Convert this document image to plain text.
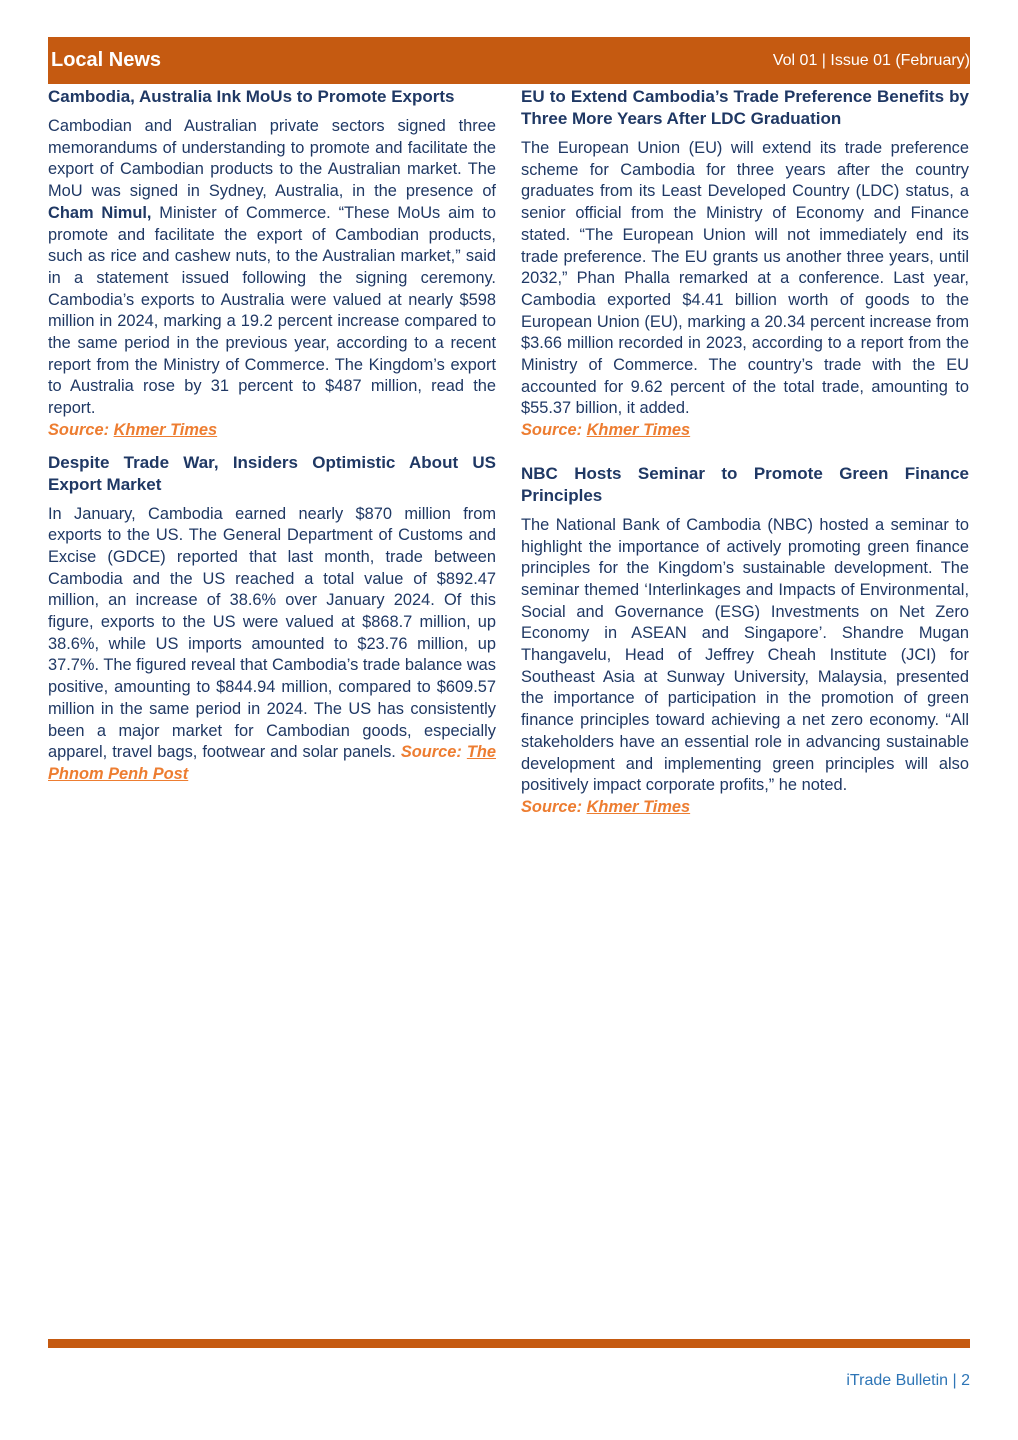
Local News	Vol 01 | Issue 01 (February)
Cambodia, Australia Ink MoUs to Promote Exports

Cambodian and Australian private sectors signed three memorandums of understanding to promote and facilitate the export of Cambodian products to the Australian market. The MoU was signed in Sydney, Australia, in the presence of Cham Nimul, Minister of Commerce. “These MoUs aim to promote and facilitate the export of Cambodian products, such as rice and cashew nuts, to the Australian market,” said in a statement issued following the signing ceremony. Cambodia’s exports to Australia were valued at nearly $598 million in 2024, marking a 19.2 percent increase compared to the same period in the previous year, according to a recent report from the Ministry of Commerce. The Kingdom’s export to Australia rose by 31 percent to $487 million, read the report.

Source: Khmer Times
Despite Trade War, Insiders Optimistic About US Export Market

In January, Cambodia earned nearly $870 million from exports to the US. The General Department of Customs and Excise (GDCE) reported that last month, trade between Cambodia and the US reached a total value of $892.47 million, an increase of 38.6% over January 2024. Of this figure, exports to the US were valued at $868.7 million, up 38.6%, while US imports amounted to $23.76 million, up 37.7%. The figured reveal that Cambodia’s trade balance was positive, amounting to $844.94 million, compared to $609.57 million in the same period in 2024. The US has consistently been a major market for Cambodian goods, especially apparel, travel bags, footwear and solar panels. Source: The Phnom Penh Post

EU to Extend Cambodia’s Trade Preference Benefits by Three More Years After LDC Graduation

The European Union (EU) will extend its trade preference scheme for Cambodia for three years after the country graduates from its Least Developed Country (LDC) status, a senior official from the Ministry of Economy and Finance stated. “The European Union will not immediately end its trade preference. The EU grants us another three years, until 2032,” Phan Phalla remarked at a conference. Last year, Cambodia exported $4.41 billion worth of goods to the European Union (EU), marking a 20.34 percent increase from $3.66 million recorded in 2023, according to a report from the Ministry of Commerce. The country’s trade with the EU accounted for 9.62 percent of the total trade, amounting to $55.37 billion, it added.

Source: Khmer Times
NBC Hosts Seminar to Promote Green Finance Principles

The National Bank of Cambodia (NBC) hosted a seminar to highlight the importance of actively promoting green finance principles for the Kingdom’s sustainable development. The seminar themed ‘Interlinkages and Impacts of Environmental, Social and Governance (ESG) Investments on Net Zero Economy in ASEAN and Singapore’. Shandre Mugan Thangavelu, Head of Jeffrey Cheah Institute (JCI) for Southeast Asia at Sunway University, Malaysia, presented the importance of participation in the promotion of green finance principles toward achieving a net zero economy. “All stakeholders have an essential role in advancing sustainable development and implementing green principles will also positively impact corporate profits,” he noted.

Source: Khmer Times
iTrade Bulletin | 2
